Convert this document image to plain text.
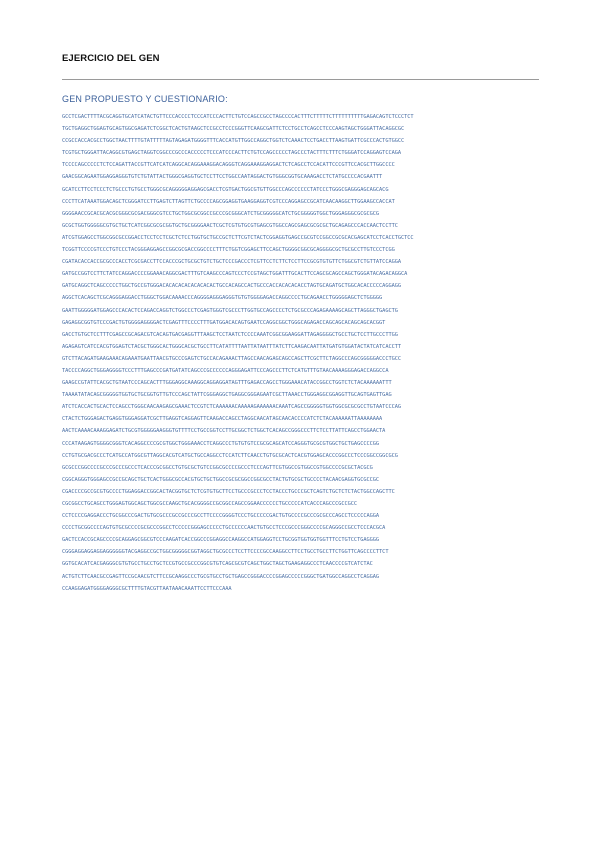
EJERCICIO DEL GEN
GEN PROPUESTO Y CUESTIONARIO:
GCCTCGACTTTTACGCAGGTGCATCATACTGTTCCCACCCCTCCCATCCCACTTCTGTCCAGCCGCCTAGCCCCACTTTCTTTTTCTTTTTTTTTTGAGACAGTCTCCCTCT
TGCTGAGGCTGGAGTGCAGTGGCGAGATCTCGGCTCACTGTAAGCTCCGCCTCCCGGGTTCAAGCGATTCTCCTGCCTCAGCCTCCCAAGTAGCTGGGATTACAGGCGC
CCGCCACCACGCCTGGCTAACTTTTGTATTTTTAGTAGAGATGGGGTTTCACCATGTTGGCCAGGCTGGTCTCAAACTCCTGACCTTAAGTGATTCGCCCACTGTGGCC
TCGTGCTGGGATTACAGGCGTGAGCTAGGTCGGCCCGCCCACCCCCTCCCATCCCACTTCTGTCCAGCCCCCTAGCCCTACTTTCTTTCTGGGATCCAGGAGTCCAGA
TCCCCAGCCCCCTCTCCAGATTACCGTTCATCATCAGGCACAGGAAAGGACAGGGTCAGGAAAGGAGGACTCTCAGCCTCCACATTCCCGTTCCACGCTTGGCCCC
GAACGGCAGAATGGAGGAGGGTGTCTGTATTACTGGGCGAGGTGCTCCTTCCTGGCCAATAGGACTGTGGGCGGTGCAAAGACCTCTATGCCCCACGAATTT
GCATCCTTCCTCCCTCTGCCCTGTGCCTGGGCGCAGGGGGAGGAGCGACCTCGTGACTGGCGTGTTGGCCCAGCCCCCCTATCCCTGGGCGAGGGAGCAGCACG
CCCTTCATAAATGGACAGCTCGGGATCCTTGAGTCTTAGTTCTGCCCCAGCGGAGGTGAAGGAGGTCGTCCCAGGAGCCGCATCAACAAGGCTTGGAAGCCACCAT
GGGGAACCGCACGCACGCGGGCGCGACGGGCGTCCTGCTGGCGCGGCCGCCCGCGGGCATCTGCGGGGGCATCTGCGGGGGTGGCTGGGAGGGCGCGCGCG
GCGCTGGTGGGGGCGTGCTGCTCATCGGCGCGCGGTGCTGCGGGGAACTCGCTCGTGTGCGTGAGCGTGGCCAGCGAGCGCGCGCTGCAGAGCCCACCAACTCCTTC
ATCGTGGAGCCTGGCGGCGCCGGACCTCCTCCTCGCTCTCCTGGTGCTGCCGCTCTTCGTCTACTCGGAGGTGAGCCGCGTCCGGCCGCGCACGAGCATCCTCACCTGCTCC
TCGGTTCCCCGTCCCTGTCCCTACGGGAGGAGCCGGCGCGACCGGCCCCTTTCTGGTCGGAGCTTCCAGCTGGGGCGGCGCAGGGGCGCTGCGCCTTGTCCCTCGG
CGATACACCACCGCGCCCACCTCGCGACCTTCCACCCGCTGCGCTGTCTGCTCCCGACCCTCGTTCCTCTTCTCCTTCCGCGTGTGTTCTGGCGTCTGTTATCCAGGA
GATGCCGGTCCTTCTATCCAGGACCCCGGAAACAGGCGACTTTGTCAAGCCCAGTCCCTCCGTAGCTGGATTTGCACTTCCAGCGCAGCCAGCTGGGATACAGACAGGCA
GATGCAGGCTCAGCCCCCTGGCTGCCGTGGGACACACACACACACACACTGCCACAGCCACTGCCCACCACACACACCTAGTGCAGATGCTGGCACACCCCCAGGAGG
AGGCTCACAGCTCGCAGGGAGGACCTGGGCTGGACAAAACCCAGGGGAGGGAGGGTGTGTGGGGAGACCAGGCCCCTGCAGAACCTGGGGGAGCTCTGGGGG
GAATTGGGGGATGGAGCCCACACTCCAGACCAGGTCTGGCCCTCGAGTGGGTCGCCCTTGGTGCCAGCCCCTCTGCGCCCAGAGAAAAGCAGCTTAGGGCTGAGCTG
GAGAGGCGGTGTCCCGACTGTGGGGAGGGGACTCGAGTTTCCCCTTTGATGGACACAGTGAATCCAGGCGGCTGGGCAGAGACCAGCAGCACAGCAGCACGGT
GACCTGTGCTCCTTTCGAGCCGCAGACGTCACAGTGACGAGGTTTAAGCTCCTAATCTCCCCAAATCGGCGGAAGGATTAGAGGGGCTGCCTGCTCCTTGCCCTTGG
AGAGAGTCATCCACGTGGAGTCTACGCTGGGCACTGGGCACGCTGCCTTCATATTTTAATTATAATTTATCTTCAAGACAATTATGATGTGGATACTATCATCACCTT
GTCTTACAGATGAAGAAACAGAAATGAATTAACGTGCCCGAGTCTGCCACAGAAACTTAGCCAACAGAGCAGCCAGCTTCGCTTCTAGGCCCAGCGGGGGACCCTGCC
TACCCCAGGCTGGGAGGGGTCCCTTTGAGCCCGATGATATCAGCCCGCCCCCCAGGGAGATTCCCAGCCCTTCTCATGTTTGTAACAAAAGGGAGACCAGGCCA
GAAGCCGTATTCACGCTGTAATCCCAGCACTTTGGGAGGCAAAGGCAGGAGGATAGTTTGAGACCAGCCTGGGAAACATACCGGCCTGGTCTCTACAAAAAATTT
TAAAATATACAGCGGGGGTGGTGCTGCGGTGTTGTCCCAGCTATTCGGGAGGCTGAGGCGGGAGAATCGCTTAAACCTGGGAGGCGGAGGTTGCAGTGAGTTGAG
ATCTCACCACTGCACTCCAGCCTGGGCAACAAGAGCGAAACTCCGTCTCAAAAAACAAAAAGAAAAAACAAATCAGCCGGGGGTGGTGGCGCGCGCCTGTAATCCCAG
CTACTCTGGGAGACTGAGGTGGGAGGATCGCTTGAGGTCAGGAGTTCAAGACCAGCCTAGGCAACATAGCAACACCCCATCTCTACAAAAAATTAAAAAAAA
AACTCAAAACAAAGGAGATCTGCGTGGGGGAAGGGTGTTTTCCTGCCGGTCCTTGCGGCTCTGGCTCACAGCCGGGCCCTTCTCCTTATTCAGCCTGGAACTA
CCCATAAGAGTGGGGCGGGTCACAGGCCCCGCGTGGCTGGGAAACCTCAGGCCCTGTGTGTCCGCGCAGCATCCAGGGTGCGCGTGGCTGCTGAGCCCCGG
CCTGTGCGACGCCCTCATGCCATGGCGTTAGGCACGTCATGCTGCCAGGCCTCCATCTTCAACCTGTGCGCACTCACGTGGAGCACCCGGCCCTCCCGGCCGGCGCG
GCGCCCGGCCCCGCCCGCCCGCCCTCACCCGCGGCCTGTGCGCTGTCCGGCGCCCCGCCCTCCCAGTTCGTGGCCGTGGCCGTGGCCCCGCGCTACGCG
CGGCAGGGTGGGAGCCGCCGCAGCTGCTCACTGGGCGCCACGTGCTGCTGGCCGCGCGGCCGGCGCCTACTGTGCGCTGCCCCTACAACGAGGTGCGCCGC
CGACCCCGCCGCGTGCCCCTGGAGGACCGGCACTACGGTGCTCTCGTGTGCTTCCTGCCCGCCCTCCTACCCTGCCCGCTCAGTCTGCTCTCTACTGGCCAGCTTC
CGCGGCCTGCAGCCTGGGAGTGGCAGCTGGCGCCAAGCTGCACGGGGCCGCGGCCAGCCGGAACCCCCCTGCCCCCATCACCCAGCCCGCCGCC
CCTCCCCGAGGACCCTGCGGCCCGACTGTGCGCCCGCCGCCCGCCTTCCCCGGGGTCCCTGCCCCCGACTGTGCCCCGCCCGCGCCCAGCCTCCCCCAGGA
CCCCTGCGGCCCCAGTGTGCGCCCCGCGCCCGGCCTCCCCCGGGAGCCCCCTGCCCCCCAACTGTGCCTCCCGCCCGGGCCCCGCAGGGCCGCCTCCCACGCA
GACTCCACCGCAGCCCCGCAGGAGCGGCGTCCCAAGATCACCGGCCCGGAGGCCAAGGCCATGGAGGTCCTGCGGTGGTGGTGGTTTCCTGTCCTGAGGGG
CGGGAGGAGGAGGAGGGGGGTACGAGGCCGCTGGCGGGGGCGGTAGGCTGCGCCCTCCTTCCCCGCCAAGGCCTTCCTGCCTGCCTTCTGGTTCAGCCCCTTCT
GGTGCACATCACGAGGGCGTGTGCCTGCCTGCTCCGTGCCGCCCGGCGTGTCAGCGCGTCAGCTGGCTAGCTGAAGAGGCCCTCAACCCCGTCATCTAC
ACTGTCTTCAACGCCGAGTTCCGCAACGTCTTCCGCAAGGCCCTGCGTGCCTGCTGAGCCGGGACCCCGGAGCCCCCGGGCTGATGGCCAGGCCTCAGGAG
CCAAGGAGATGGGGAGGGCGCTTTTGTACGTTAATAAACAAATTCCTTCCCAAA
